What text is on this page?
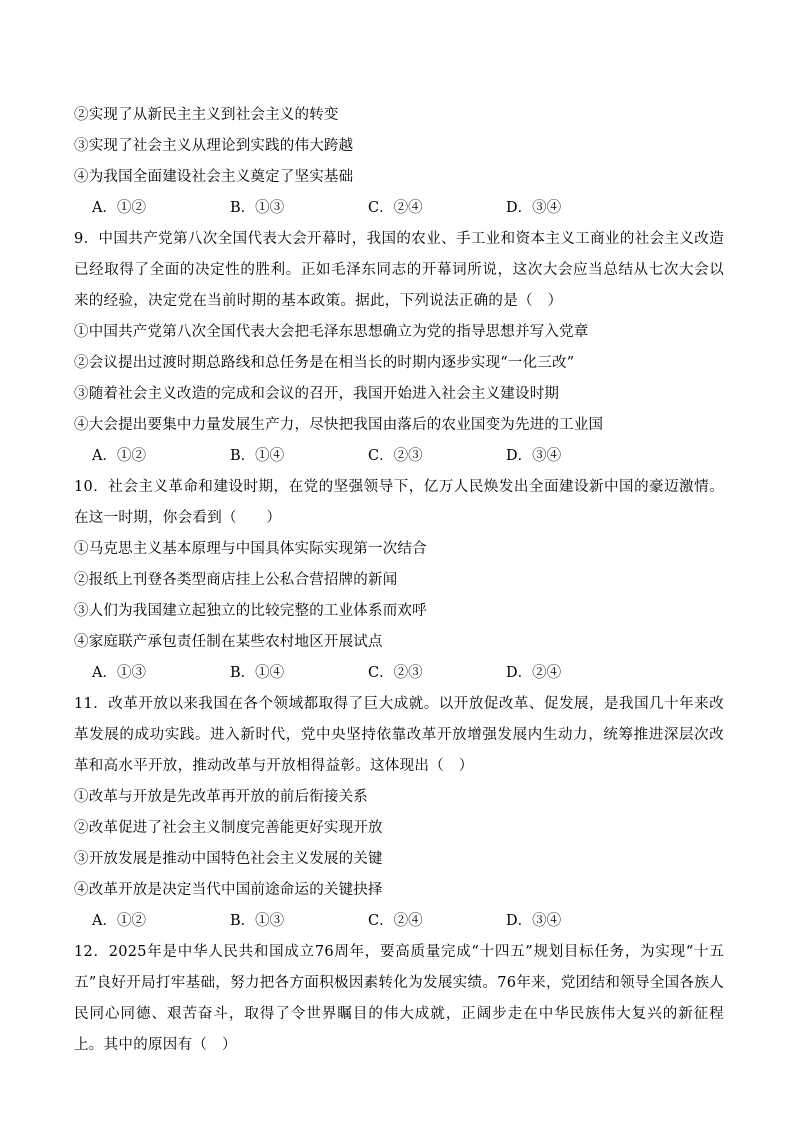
②实现了从新民主主义到社会主义的转变
③实现了社会主义从理论到实践的伟大跨越
④为我国全面建设社会主义奠定了坚实基础
A．①②	B．①③	C．②④	D．③④
9．中国共产党第八次全国代表大会开幕时，我国的农业、手工业和资本主义工商业的社会主义改造已经取得了全面的决定性的胜利。正如毛泽东同志的开幕词所说，这次大会应当总结从七次大会以来的经验，决定党在当前时期的基本政策。据此，下列说法正确的是（　）
①中国共产党第八次全国代表大会把毛泽东思想确立为党的指导思想并写入党章
②会议提出过渡时期总路线和总任务是在相当长的时期内逐步实现“一化三改”
③随着社会主义改造的完成和会议的召开，我国开始进入社会主义建设时期
④大会提出要集中力量发展生产力，尽快把我国由落后的农业国变为先进的工业国
A．①②	B．①④	C．②③	D．③④
10．社会主义革命和建设时期，在党的坚强领导下，亿万人民焕发出全面建设新中国的豪迈激情。在这一时期，你会看到（　　）
①马克思主义基本原理与中国具体实际实现第一次结合
②报纸上刊登各类型商店挂上公私合营招牌的新闻
③人们为我国建立起独立的比较完整的工业体系而欢呼
④家庭联产承包责任制在某些农村地区开展试点
A．①③	B．①④	C．②③	D．②④
11．改革开放以来我国在各个领域都取得了巨大成就。以开放促改革、促发展，是我国几十年来改革发展的成功实践。进入新时代，党中央坚持依靠改革开放增强发展内生动力，统筹推进深层次改革和高水平开放，推动改革与开放相得益彰。这体现出（　）
①改革与开放是先改革再开放的前后衔接关系
②改革促进了社会主义制度完善能更好实现开放
③开放发展是推动中国特色社会主义发展的关键
④改革开放是决定当代中国前途命运的关键抉择
A．①②	B．①③	C．②④	D．③④
12．2025年是中华人民共和国成立76周年，要高质量完成“十四五”规划目标任务，为实现“十五五”良好开局打牢基础，努力把各方面积极因素转化为发展实绩。76年来，党团结和领导全国各族人民同心同德、艰苦奋斗，取得了令世界瞩目的伟大成就，正阔步走在中华民族伟大复兴的新征程上。其中的原因有（　）
